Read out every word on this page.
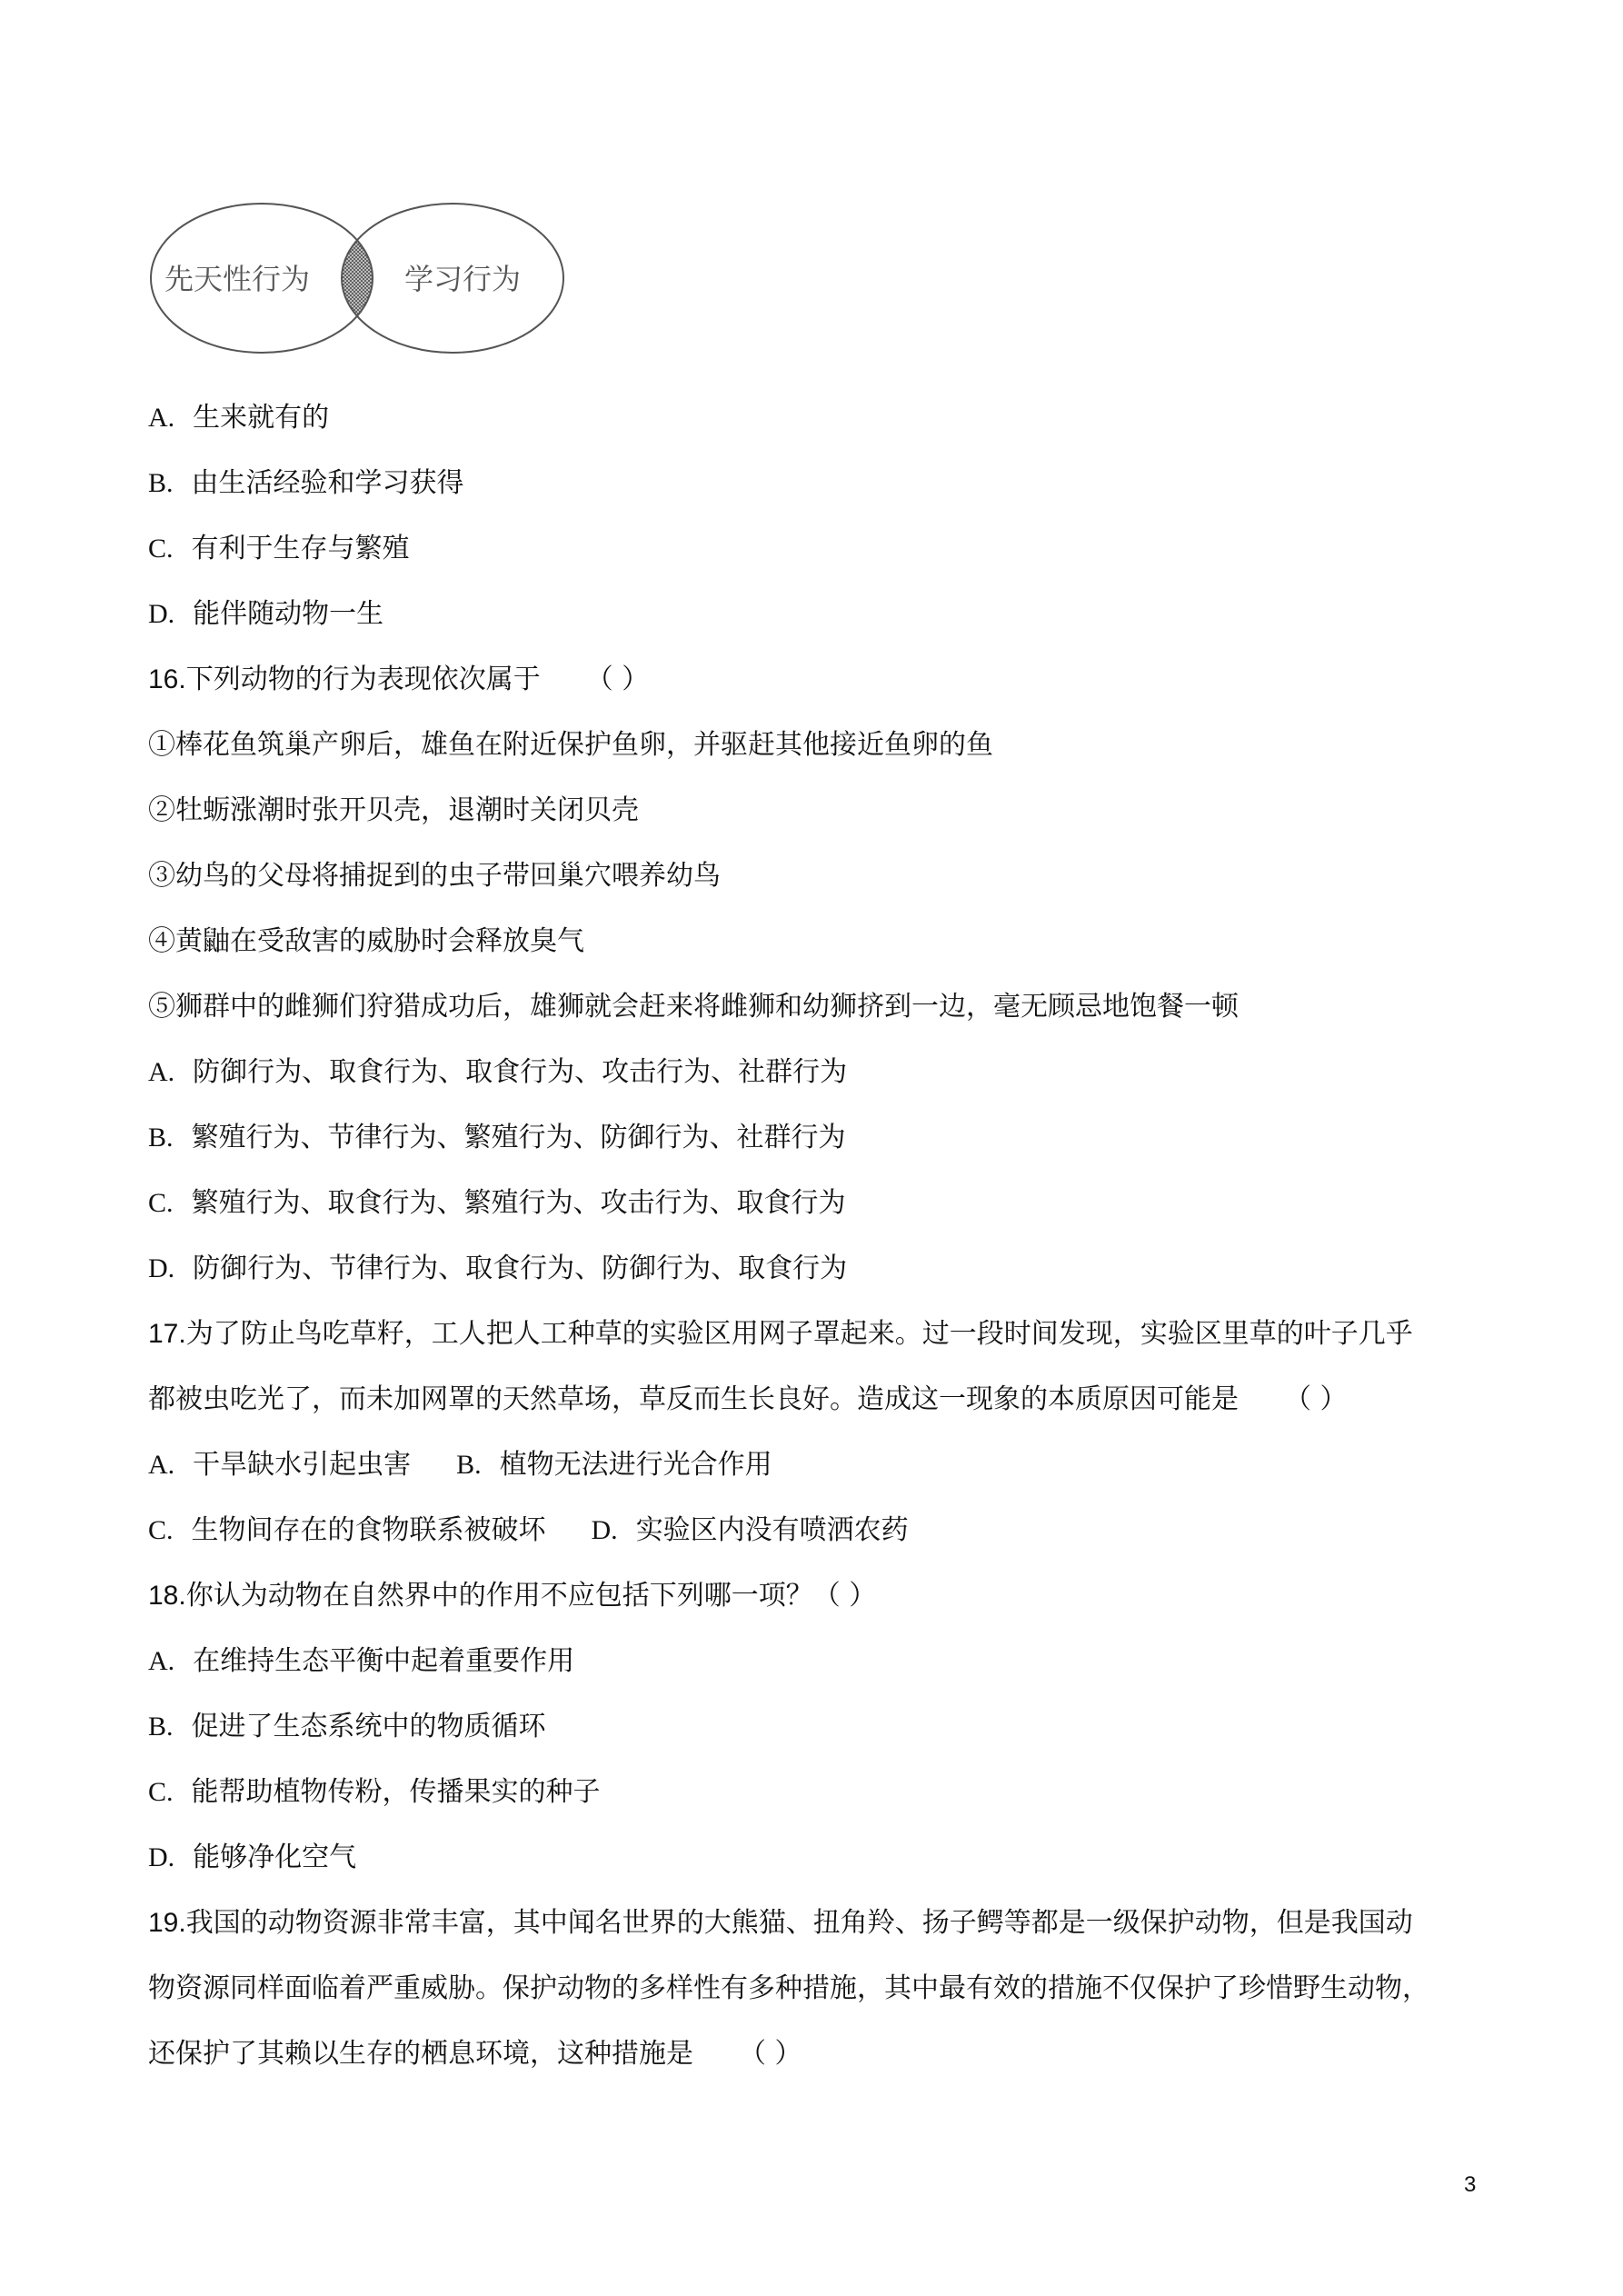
先天性行为	学习行为
A. 生来就有的
B. 由生活经验和学习获得
C. 有利于生存与繁殖
D. 能伴随动物一生
16.下列动物的行为表现依次属于 （ ）
①棒花鱼筑巢产卵后，雄鱼在附近保护鱼卵，并驱赶其他接近鱼卵的鱼
②牡蛎涨潮时张开贝壳，退潮时关闭贝壳
③幼鸟的父母将捕捉到的虫子带回巢穴喂养幼鸟
④黄鼬在受敌害的威胁时会释放臭气
⑤狮群中的雌狮们狩猎成功后，雄狮就会赶来将雌狮和幼狮挤到一边，毫无顾忌地饱餐一顿
A. 防御行为、取食行为、取食行为、攻击行为、社群行为
B. 繁殖行为、节律行为、繁殖行为、防御行为、社群行为
C. 繁殖行为、取食行为、繁殖行为、攻击行为、取食行为
D. 防御行为、节律行为、取食行为、防御行为、取食行为
17.为了防止鸟吃草籽，工人把人工种草的实验区用网子罩起来。过一段时间发现，实验区里草的叶子几乎
都被虫吃光了，而未加网罩的天然草场，草反而生长良好。造成这一现象的本质原因可能是 （ ）
A. 干旱缺水引起虫害 B. 植物无法进行光合作用
C. 生物间存在的食物联系被破坏 D. 实验区内没有喷洒农药
18.你认为动物在自然界中的作用不应包括下列哪一项？（ ）
A. 在维持生态平衡中起着重要作用
B. 促进了生态系统中的物质循环
C. 能帮助植物传粉，传播果实的种子
D. 能够净化空气
19.我国的动物资源非常丰富，其中闻名世界的大熊猫、扭角羚、扬子鳄等都是一级保护动物，但是我国动
物资源同样面临着严重威胁。保护动物的多样性有多种措施，其中最有效的措施不仅保护了珍惜野生动物，
还保护了其赖以生存的栖息环境，这种措施是 （ ）
3
